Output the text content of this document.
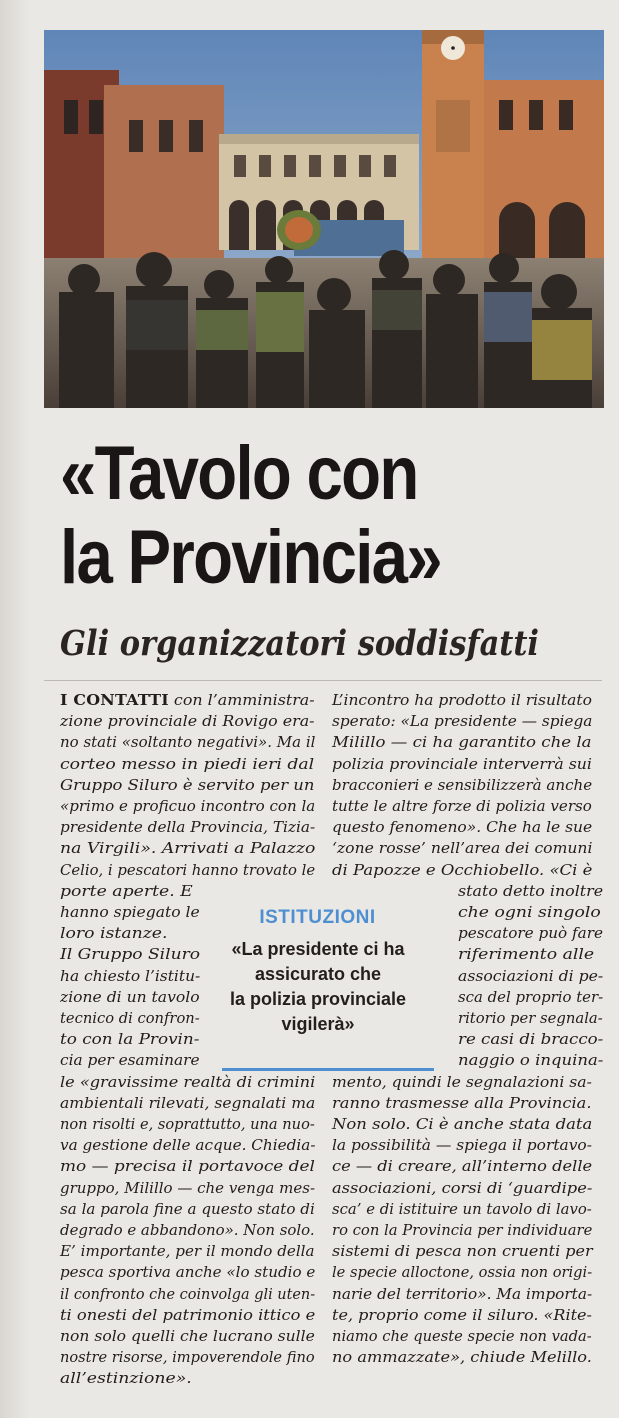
«Tavolo con
la Provincia»
Gli organizzatori soddisfatti

I CONTATTI con l’amministra-

zione provinciale di Rovigo era-

no stati «soltanto negativi». Ma il

corteo messo in piedi ieri dal

Gruppo Siluro è servito per un

«primo e proficuo incontro con la

presidente della Provincia, Tizia-

na Virgili». Arrivati a Palazzo

Celio, i pescatori hanno trovato le

porte aperte. E

hanno spiegato le

loro istanze.

Il Gruppo Siluro

ha chiesto l’istitu-

zione di un tavolo

tecnico di confron-

to con la Provin-

cia per esaminare

le «gravissime realtà di crimini

ambientali rilevati, segnalati ma

non risolti e, soprattutto, una nuo-

va gestione delle acque. Chiedia-

mo — precisa il portavoce del

gruppo, Milillo — che venga mes-

sa la parola fine a questo stato di

degrado e abbandono». Non solo.

E’ importante, per il mondo della

pesca sportiva anche «lo studio e

il confronto che coinvolga gli uten-

ti onesti del patrimonio ittico e

non solo quelli che lucrano sulle

nostre risorse, impoverendole fino

all’estinzione».

L’incontro ha prodotto il risultato

sperato: «La presidente — spiega

Milillo — ci ha garantito che la

polizia provinciale interverrà sui

bracconieri e sensibilizzerà anche

tutte le altre forze di polizia verso

questo fenomeno». Che ha le sue

‘zone rosse’ nell’area dei comuni

di Papozze e Occhiobello. «Ci è

stato detto inoltre

che ogni singolo

pescatore può fare

riferimento alle

associazioni di pe-

sca del proprio ter-

ritorio per segnala-

re casi di bracco-

naggio o inquina-

mento, quindi le segnalazioni sa-

ranno trasmesse alla Provincia.

Non solo. Ci è anche stata data

la possibilità — spiega il portavo-

ce — di creare, all’interno delle

associazioni, corsi di ‘guardipe-

sca’ e di istituire un tavolo di lavo-

ro con la Provincia per individuare

sistemi di pesca non cruenti per

le specie alloctone, ossia non origi-

narie del territorio». Ma importa-

te, proprio come il siluro. «Rite-

niamo che queste specie non vada-

no ammazzate», chiude Melillo.

ISTITUZIONI
«La presidente ci ha
assicurato che
la polizia provinciale
vigilerà»
